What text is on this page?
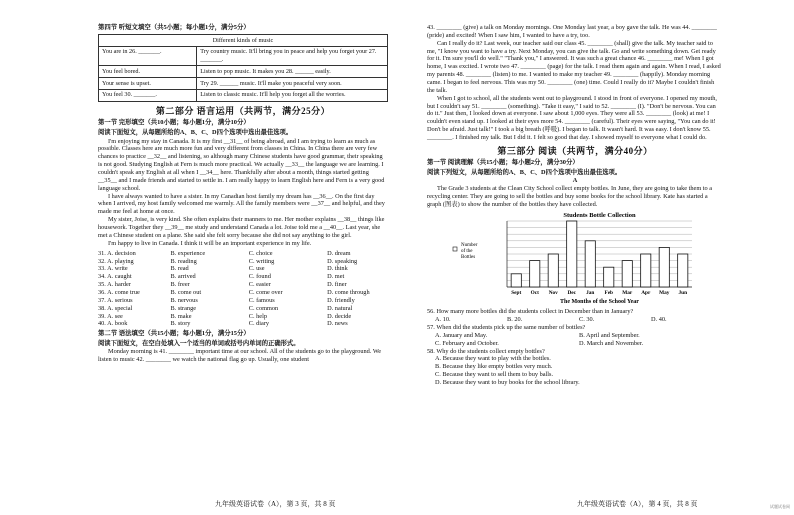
第四节 听短文填空（共5小题；每小题1分，满分5分）
Different kinds of music	
You are in 26. _______.	Try country music. It'll bring you in peace and help you forget your 27. _______.
You feel bored.	Listen to pop music. It makes you 28. ______ easily.
Your sense is upset.	Try 29. ______ music. It'll make you peaceful very soon.
You feel 30. _______.	Listen to classic music. It'll help you forget all the worries.
第二部分 语言运用（共两节，满分25分）
第一节 完形填空（共10小题；每小题1分，满分10分）
阅读下面短文，从每题所给的A、B、C、D四个选项中选出最佳选项。

I'm enjoying my stay in Canada. It is my first __31__ of being abroad, and I am trying to learn as much as possible. Classes here are much more fun and very different from classes in China. In China there are very few chances to practice __32__ and listening, so although many Chinese students have good grammar, their speaking is not good. Studying English at Fern is much more practical. We actually __33__ the language we are learning. I couldn't speak any English at all when I __34__ here. Thankfully after about a month, things started getting __35__ and I made friends and started to settle in. I am really happy to learn English here and Fern is a very good language school.

I have always wanted to have a sister. In my Canadian host family my dream has __36__. On the first day when I arrived, my host family welcomed me warmly. All the family members were __37__ and helpful, and they made me feel at home at once.

My sister, Joise, is very kind. She often explains their manners to me. Her mother explains __38__ things like housework. Together they __39__ me study and understand Canada a lot. Joise told me a __40__. Last year, she met a Chinese student on a plane. She said she felt sorry because she did not say anything to the girl.

I'm happy to live in Canada. I think it will be an important experience in my life.

31. A. decision	B. experience	C. choice	D. dream
32. A. playing	B. reading	C. writing	D. speaking
33. A. write	B. read	C. use	D. think
34. A. caught	B. arrived	C. found	D. met
35. A. harder	B. freer	C. easier	D. finer
36. A. come true	B. come out	C. come over	D. come through
37. A. serious	B. nervous	C. famous	D. friendly
38. A. special	B. strange	C. common	D. natural
39. A. see	B. make	C. help	D. decide
40. A. book	B. story	C. diary	D. news
第二节 语法填空（共15小题；每小题1分，满分15分）
阅读下面短文，在空白处填入一个适当的单词或括号内单词的正确形式。

Monday morning is 41. ________ important time at our school. All of the students go to the playground. We listen to music 42. ________ we watch the national flag go up. Usually, one student

九年级英语试卷（A），第 3 页，共 8 页

43. ________ (give) a talk on Monday mornings. One Monday last year, a boy gave the talk. He was 44. ________ (pride) and excited! When I saw him, I wanted to have a try, too.

Can I really do it? Last week, our teacher said our class 45. ________ (shall) give the talk. My teacher said to me, "I know you want to have a try. Next Monday, you can give the talk. Go and write something down. Get ready for it. I'm sure you'll do well." "Thank you," I answered. It was such a great chance 46. ________ me! When I got home, I was excited. I wrote two 47. ________ (page) for the talk. I read them again and again. When I read, I asked my parents 48. ________ (listen) to me. I wanted to make my teacher 49. ________ (happily). Monday morning came. I began to feel nervous. This was my 50. ________ (one) time. Could I really do it? Maybe I couldn't finish the talk.

When I got to school, all the students went out to playground. I stood in front of everyone. I opened my mouth, but I couldn't say 51. ________ (something). "Take it easy," I said to 52. ________ (I). "Don't be nervous. You can do it." Just then, I looked down at everyone. I saw about 1,000 eyes. They were all 53. ________ (look) at me! I couldn't even stand up. I looked at their eyes more 54. ________ (careful). Their eyes were saying, "You can do it! Don't be afraid. Just talk!" I took a big breath (呼吸). I began to talk. It wasn't hard. It was easy. I don't know 55. ________. I finished my talk. But I did it. I felt so good that day. I showed myself to everyone what I could do.

第三部分 阅读（共两节，满分40分）
第一节 阅读理解（共15小题；每小题2分，满分30分）
阅读下列短文，从每题所给的A、B、C、D四个选项中选出最佳选项。
A

The Grade 3 students at the Clean City School collect empty bottles. In June, they are going to take them to a recycling center. They are going to sell the bottles and buy some books for the school library. Kate has started a graph (图表) to show the number of the bottles they have collected.

Students Bottle Collection
Sept Oct Nov Dec Jan Feb Mar Apr May Jun
The Months of the School Year
Number
of the
Bottles
56. How many more bottles did the students collect in December than in January?
A. 10.	B. 20.	C. 30.	D. 40.
57. When did the students pick up the same number of bottles?
A. January and May.	B. April and September.
C. February and October.	D. March and November.
58. Why do the students collect empty bottles?
A. Because they want to play with the bottles.
B. Because they like empty bottles very much.
C. Because they want to sell them to buy balls.
D. Because they want to buy books for the school library.
九年级英语试卷（A），第 4 页，共 8 页	试题试卷网
